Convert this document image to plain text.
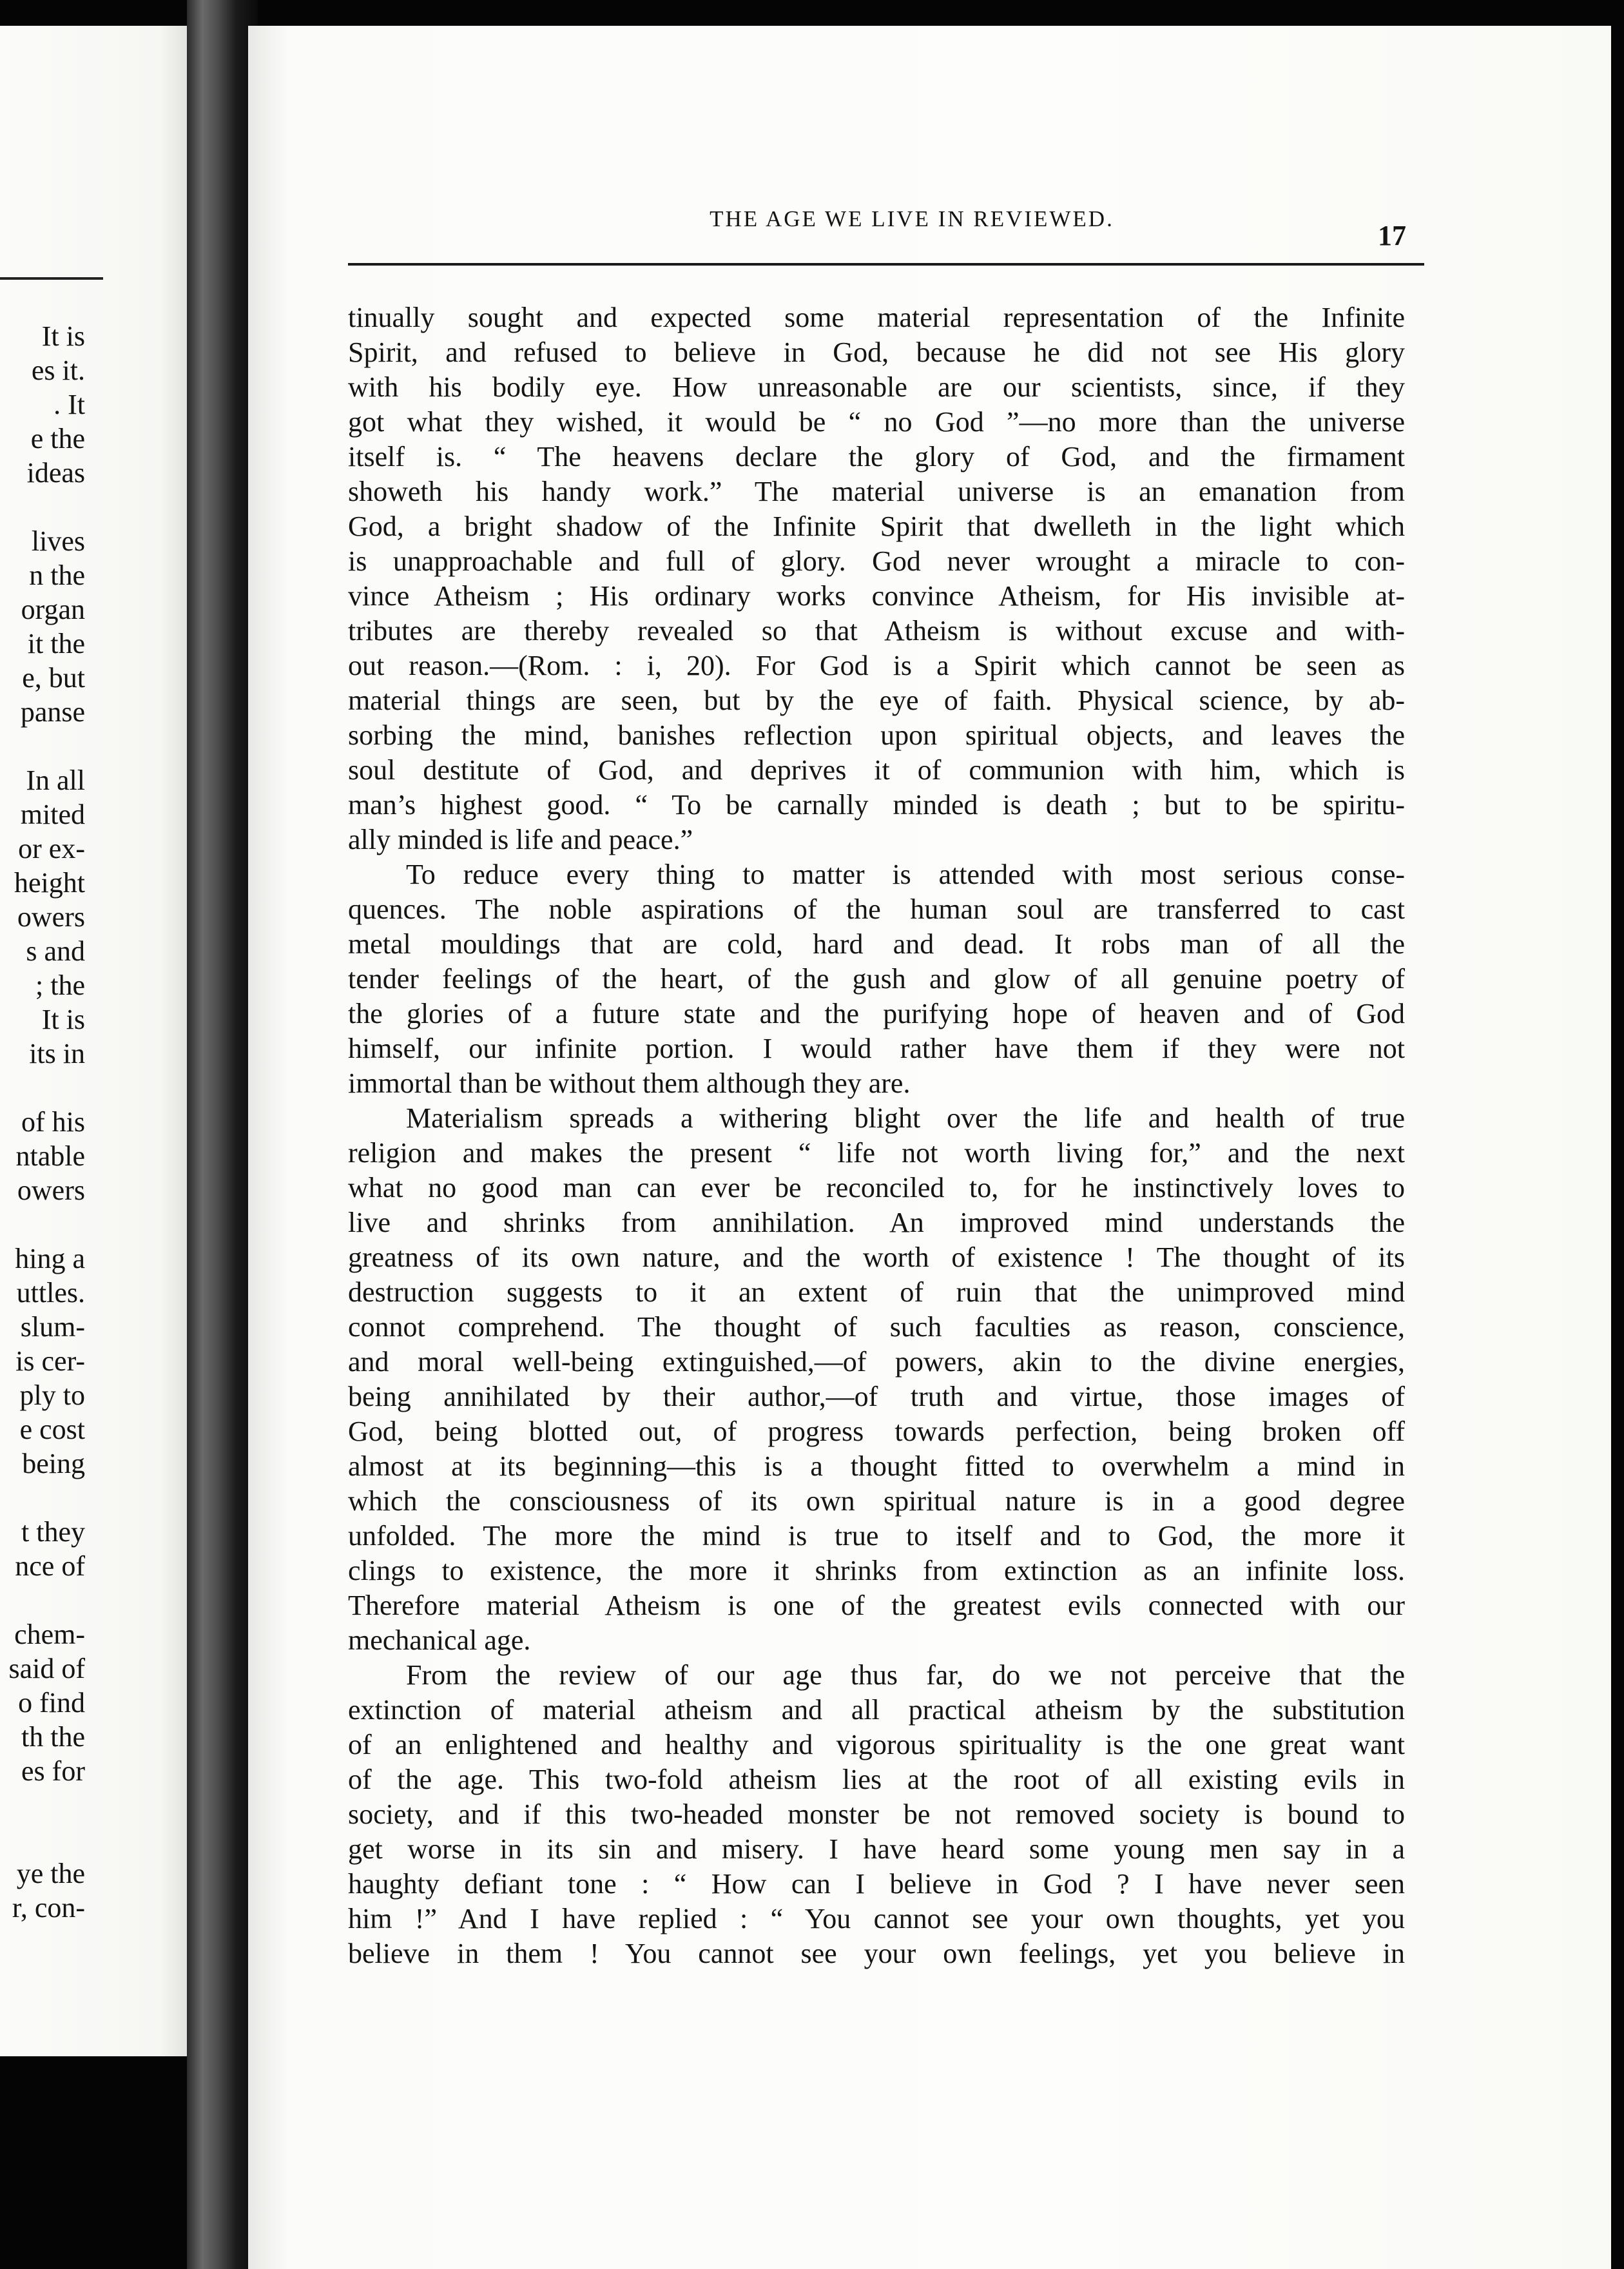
It is
es it.
. It
e the
ideas
lives
n the
organ
it the
e, but
panse
In all
mited
or ex-
height
owers
s and
; the
It is
its in
of his
ntable
owers
hing a
uttles.
slum-
is cer-
ply to
e cost
being
t they
nce of
chem-
said of
o find
th the
es for
ye the
r, con-
THE AGE WE LIVE IN REVIEWED.
17
tinually sought and expected some material representation of the Infinite
Spirit, and refused to believe in God, because he did not see His glory
with his bodily eye. How unreasonable are our scientists, since, if they
got what they wished, it would be “ no God ”—no more than the universe
itself is. “ The heavens declare the glory of God, and the firmament
showeth his handy work.” The material universe is an emanation from
God, a bright shadow of the Infinite Spirit that dwelleth in the light which
is unapproachable and full of glory. God never wrought a miracle to con-
vince Atheism ; His ordinary works convince Atheism, for His invisible at-
tributes are thereby revealed so that Atheism is without excuse and with-
out reason.—(Rom. : i, 20). For God is a Spirit which cannot be seen as
material things are seen, but by the eye of faith. Physical science, by ab-
sorbing the mind, banishes reflection upon spiritual objects, and leaves the
soul destitute of God, and deprives it of communion with him, which is
man’s highest good. “ To be carnally minded is death ; but to be spiritu-
ally minded is life and peace.”
To reduce every thing to matter is attended with most serious conse-
quences. The noble aspirations of the human soul are transferred to cast
metal mouldings that are cold, hard and dead. It robs man of all the
tender feelings of the heart, of the gush and glow of all genuine poetry of
the glories of a future state and the purifying hope of heaven and of God
himself, our infinite portion. I would rather have them if they were not
immortal than be without them although they are.
Materialism spreads a withering blight over the life and health of true
religion and makes the present “ life not worth living for,” and the next
what no good man can ever be reconciled to, for he instinctively loves to
live and shrinks from annihilation. An improved mind understands the
greatness of its own nature, and the worth of existence ! The thought of its
destruction suggests to it an extent of ruin that the unimproved mind
connot comprehend. The thought of such faculties as reason, conscience,
and moral well-being extinguished,—of powers, akin to the divine energies,
being annihilated by their author,—of truth and virtue, those images of
God, being blotted out, of progress towards perfection, being broken off
almost at its beginning—this is a thought fitted to overwhelm a mind in
which the consciousness of its own spiritual nature is in a good degree
unfolded. The more the mind is true to itself and to God, the more it
clings to existence, the more it shrinks from extinction as an infinite loss.
Therefore material Atheism is one of the greatest evils connected with our
mechanical age.
From the review of our age thus far, do we not perceive that the
extinction of material atheism and all practical atheism by the substitution
of an enlightened and healthy and vigorous spirituality is the one great want
of the age. This two-fold atheism lies at the root of all existing evils in
society, and if this two-headed monster be not removed society is bound to
get worse in its sin and misery. I have heard some young men say in a
haughty defiant tone : “ How can I believe in God ? I have never seen
him !” And I have replied : “ You cannot see your own thoughts, yet you
believe in them ! You cannot see your own feelings, yet you believe in
